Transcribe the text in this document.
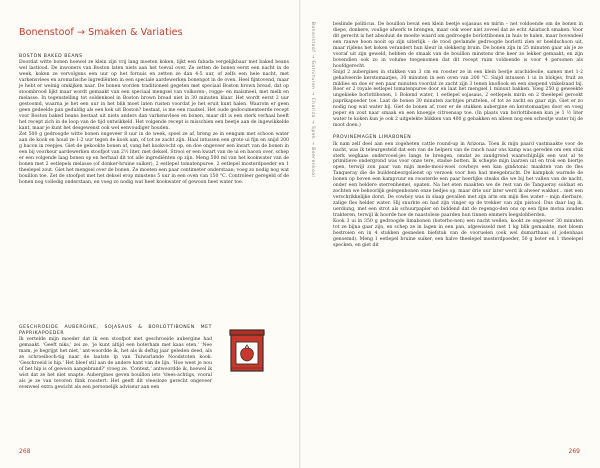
Bonenstoof → Smaken & Variaties
BOSTON BAKED BEANS

Doordat witte bonen hoewel ze klein zijn vrij lang moeten koken, lijkt een fabada vergelijkbaar met baked beans wel lastlood. De inwoners van Boston laten niets aan het toeval over. Ze zetten de bonen eerst een nacht in de week, koken ze vervolgens een uur op het fornuis en zetten ze dan 4-5 uur, of zelfs een hele nacht, met varkensvlees en aromatische ingrediënten in een speciale aardewerken bonenpot in de oven. Heel fijntovend, maar je hebt er weinig omkijken naar. De bonen worden traditioneel gegeten met speciaal Boston brown bread, dat op stoombrood lijkt maar wordt gemaakt van een speciaal mengsel van volkoren-, rogge- en maïsmeel, met melk en melasse. In tegenstelling tot soldenkoel in Boston brown bread niet in 30 minuten klaar. Het wordt eerst 2 uur gestoomd, waarna je het een uur in het blik moet laten rusten voordat je het eruit kunt halen. Waarom er geen geen gedeelde pan geduldig als een kok uit Boston? bestaat, is me een raadsel. Het oude gedocumenteerde recept voor Boston baked beans bestaat uit niets anders dan varkensvlees en bonen, maar dit is een sterk verhaal heeft het recept zich in de loop van de tijd ontwikkeld. Het volgende recept is misschien een beetje aan de ingewikkelde kant, maar je kunt het desgewenst ook wel eenvoudiger houden.

Zet 500 g gedroogde witte bonen ongeveer 8 uur in de week, spoel ze af, breng ze in eengum met schoon water aan de kook en houd ze 1-2 uur tegen de kook aan, of tot ze zacht zijn. Haal intussen een grote ui fijn en snijd 200 g bacon in reepjes. Giet de gekookte bonen af, vang het kookvocht op, en doe ongeveer een kwart van de bonen in een bij voorkeur aardewerken stoofpot van 2½ liter, met deksel. Strooi er een kwart van de ui en bacon over, schep er een volgende laag bonen op en herhaal dit tot alle ingrediënten op zijn. Meng 500 ml van het kookwater van de bonen met 2 eetlepels melasse (of donker-bruine suiker), 2 eetlepel tomatenpuree, 2 eetlepel mosterdpoeder en 1 theelepel zout. Giet het mengsel over de bonen. Ze moeten een paar centimeter onderstaan; voeg zo nodig nog wat bouillon toe. Zet de stoofpot met het deksel erop minstens 5 uur in een oven van 150 °C. Controleer geregeld of de bonen nog volledig onderstaan, en voeg zo nodig wat heet kookwater of gewoon heet water toe.

GESCHROEIDE AUBERGINE, SOJASAUS & BORLOTTIBONEN MET PAPRIKAPOEDER

Ik vertelde mijn moeder dat ik een stoofpot met geschroeide aubergine had gemaakt. 'Geeft niks,' zei ze, 'je kunt altijd een boterham met kaas eten.' 'Nee mam, je begrijpt het niet,' ant-woordde ik, het als ik deftig jaar geleden deed, als ze schroeiboch-tig naar de laatste lp van Tuiwarlande Noodstoten kook. 'Geschroeid is hip.' Het bleef stil aan de andere kant van de lijn. 'Hoe weet je nou of het hip is of gewoon aangebrand?' vroeg ze. 'Context,' antwoordde ik, hoewel ik wist dat ze het niet snapte. Aubergines geven bouillon iets 'vlees-achtigs, vooral als je ze van tevoren flink roostert. Het geeft dit vleesloze gerecht ongeveer evenveel extra gewicht als een personelijk adviseur aan een

268
Bonenstoof → Garnituren → Chorizo → Spek → Boerenkool	beslinde politicus. De bouillon bevat een klein beetje sojasaus en mirin – net voldoende om de bonen in diepe, donkere, voulige afwerk te brengen, maar ook weer niet zoveel dat ze echt Aziatisch smaken. Voor dit gerecht is het absoluut de moeite waard om gedroogde borlottibonen in huis te halen, maar bovendeel een rauwe boon nooit op zijn uiterlijk – de rood gevlamde gedroogde borlotti zien er boeldschoon uit, maar rijdens het koken verandert hun kleur in slekkerig bruin. De bonen zijn in 25 minuten gaar als je ze vooraf uit zijn geweld, hebben de smaak van de bouillon minstens drie keer zo lekker gemaakt, en zijn bovendien ook zo in volume toegenomen dat dit recept ruim voldoende is voor 4 personen als hoofdgerecht.

Snijd 2 aubergines in stukken van 3 cm en rooster ze in een klein bestje arachideolie, samen met 1-2 gehalveerde kerstomaatjes, 30 minuten in een oven van 200 °C. Snijd intussen 1 ui in blokjes, fruit ze mildies en doe er een paar minuten voordat ze zacht zijn 3 tenen knoflook en een snepend vinkelzaad bij. Roer er 2 royale eetlepel tomatenpuree door en laat het mengsel 1 minuut bakken. Voeg 250 g geweekte ungekieke borlottibonen, 1 Bokend water, 1 eetlepel sojasaus, 2 eetlepels mirin en 2 theelepel gerookt paprikapoeder toe. Laat de bonen 30 minuten zachtjes pruttelen, of tot ze zacht en gaar zijn. Giet er zo nodig nog wat water bij. Giet de bonen af, roer er de stukken aubergine en kerstomaatjes door en voeg peper en zout naar smaak en een knoepje citroensap toe. (In plaats van borlottibonen kun je 1 ½ liter water te koken kun je ook 2 uitgelekte blikken van 400 g gebakken en alleen nog een scheutje water bij de moot doen.)

PROVINEMAGEN LIMABONEN

Ik nam zelf deel aan een zogeheten cattle round-up in Arizona. Toen ik mijn paard vastmaakte voor de nacht, was ik teleurgesteld dat een van de helpers van de ranch naar ons kamp was gereden om een stuk sterk wegkaas ondervooel-jes langs te brengen, omdat ze zandgrond waarschijnlijk een wat al te primitieve ondergrond was voor onze tere, stadse botten. Ik schepte mijn laarzen uit en trok een biertje open, terwijl zon paar van mijn mede-mooi-woei cowboys een kan gin&tonic maakten van de fles Tanqueray die de buildenbeorgolienst op verzoek voor hen had meegebracht. De kampkok warmde de bonen op boven een kampvuur en roosterde een paar heerlijke steaks die we bij het vallen van de nacht, onder een heldere sterrenhemel, opaten. Na het eten maakten we de rest van de Tanqueray soldaat en zochten we behoorlijk gelegenbonen onze bedjes op, maar drie uur later werd ik alweer wakker... met een verschrikkelijke dorst. De cowboy was in slaap gevallen met zijn arm om mijn fles water – mijn dierbare, zalige fles helder water. Hij snurkte en had zijn vinger op de trekker van zijn pistool. Dus daar lag ik, uerdiung, met een strot als schuurpapier en biddend dat de regengo-den ons op een fijne motsa zouden trakteren, terwijl ik hoorde hoe de naastolese paarden hun tinnen emmers leegslobberden.

Kook 3 ui in 350 g gedroogde limabonen (boterbo-nen) een nacht wellen, kookt ze ongeveer 30 minuten tot ze bijna gaar zijn, en schep ze in lagen in een pan, afgewisseld met 1 kg blik gemaakte, met bloem bestroien en in 4 stukken gesneden biefstuk van de vooruelen (ook wel dumarthaas of jodenhaas genoemd). Meng 1 eetlepel bruine suiker, een halve theelepel mosterdpoeder, 50 g boter en 1 theelepel specken, en giet dit

269
